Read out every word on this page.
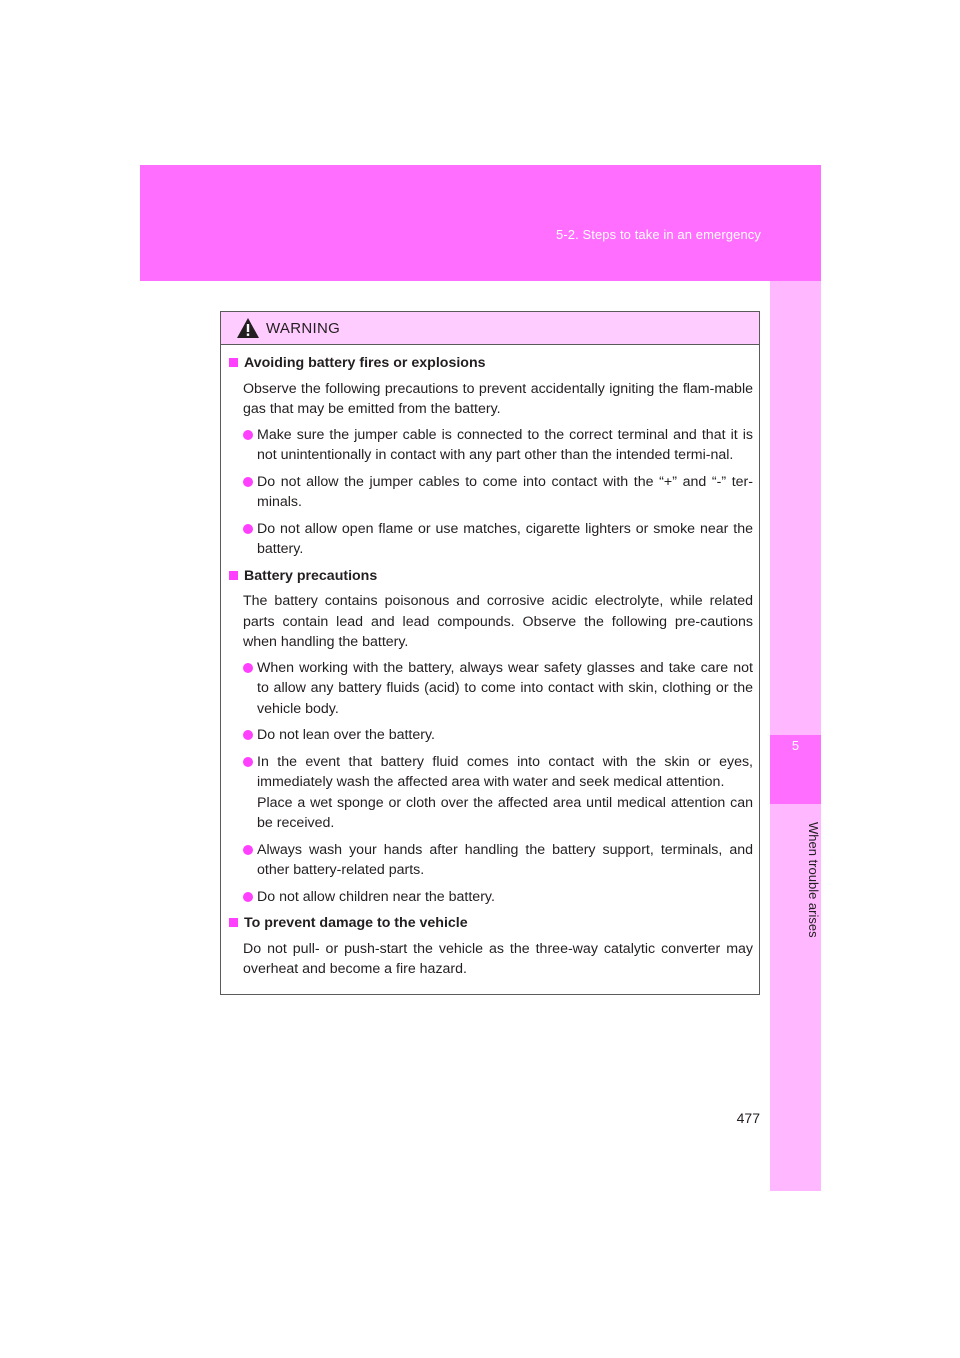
5-2. Steps to take in an emergency
5
When trouble arises
WARNING
Avoiding battery fires or explosions
Observe the following precautions to prevent accidentally igniting the flam-mable gas that may be emitted from the battery.
Make sure the jumper cable is connected to the correct terminal and that it is not unintentionally in contact with any part other than the intended termi-nal.
Do not allow the jumper cables to come into contact with the “+” and “-” ter-minals.
Do not allow open flame or use matches, cigarette lighters or smoke near the battery.
Battery precautions
The battery contains poisonous and corrosive acidic electrolyte, while related parts contain lead and lead compounds. Observe the following pre-cautions when handling the battery.
When working with the battery, always wear safety glasses and take care not to allow any battery fluids (acid) to come into contact with skin, clothing or the vehicle body.
Do not lean over the battery.
In the event that battery fluid comes into contact with the skin or eyes, immediately wash the affected area with water and seek medical attention.
Place a wet sponge or cloth over the affected area until medical attention can be received.
Always wash your hands after handling the battery support, terminals, and other battery-related parts.
Do not allow children near the battery.
To prevent damage to the vehicle
Do not pull- or push-start the vehicle as the three-way catalytic converter may overheat and become a fire hazard.
477
